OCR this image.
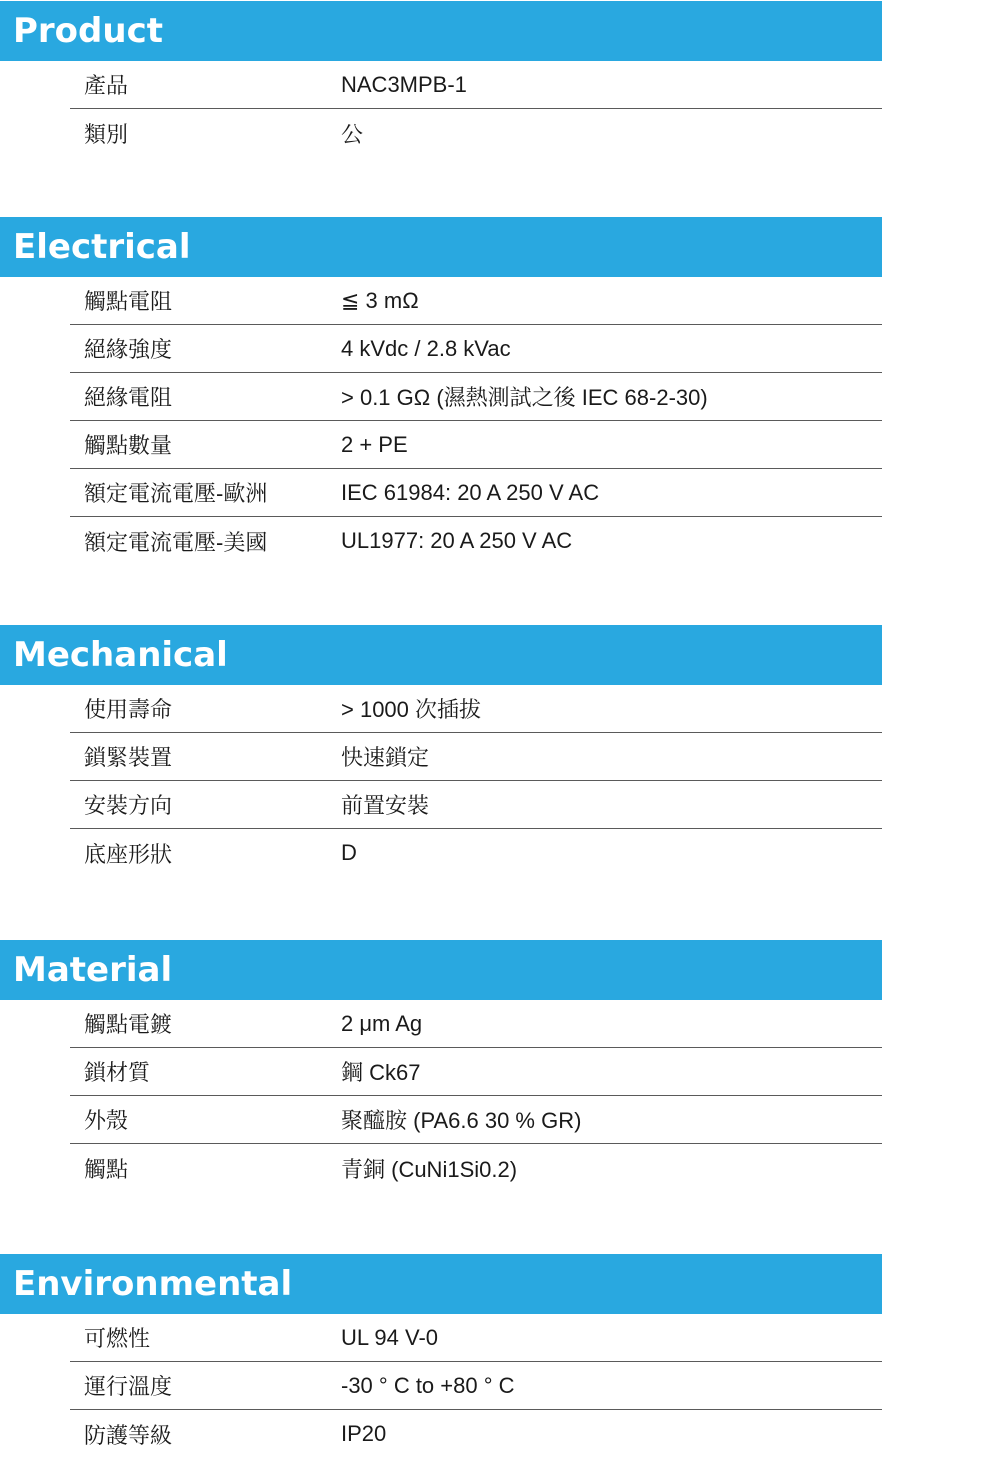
Product
產品	NAC3MPB-1
類別	公
Electrical
觸點電阻	≦ 3 mΩ
絕緣強度	4 kVdc / 2.8 kVac
絕緣電阻	> 0.1 GΩ (濕熱測試之後 IEC 68-2-30)
觸點數量	2 + PE
額定電流電壓-歐洲	IEC 61984: 20 A 250 V AC
額定電流電壓-美國	UL1977: 20 A 250 V AC
Mechanical
使用壽命	> 1000 次插拔
鎖緊裝置	快速鎖定
安裝方向	前置安裝
底座形狀	D
Material
觸點電鍍	2 μm Ag
鎖材質	鋼 Ck67
外殼	聚醯胺 (PA6.6 30 % GR)
觸點	青銅 (CuNi1Si0.2)
Environmental
可燃性	UL 94 V-0
運行溫度	-30 ° C to +80 ° C
防護等級	IP20
